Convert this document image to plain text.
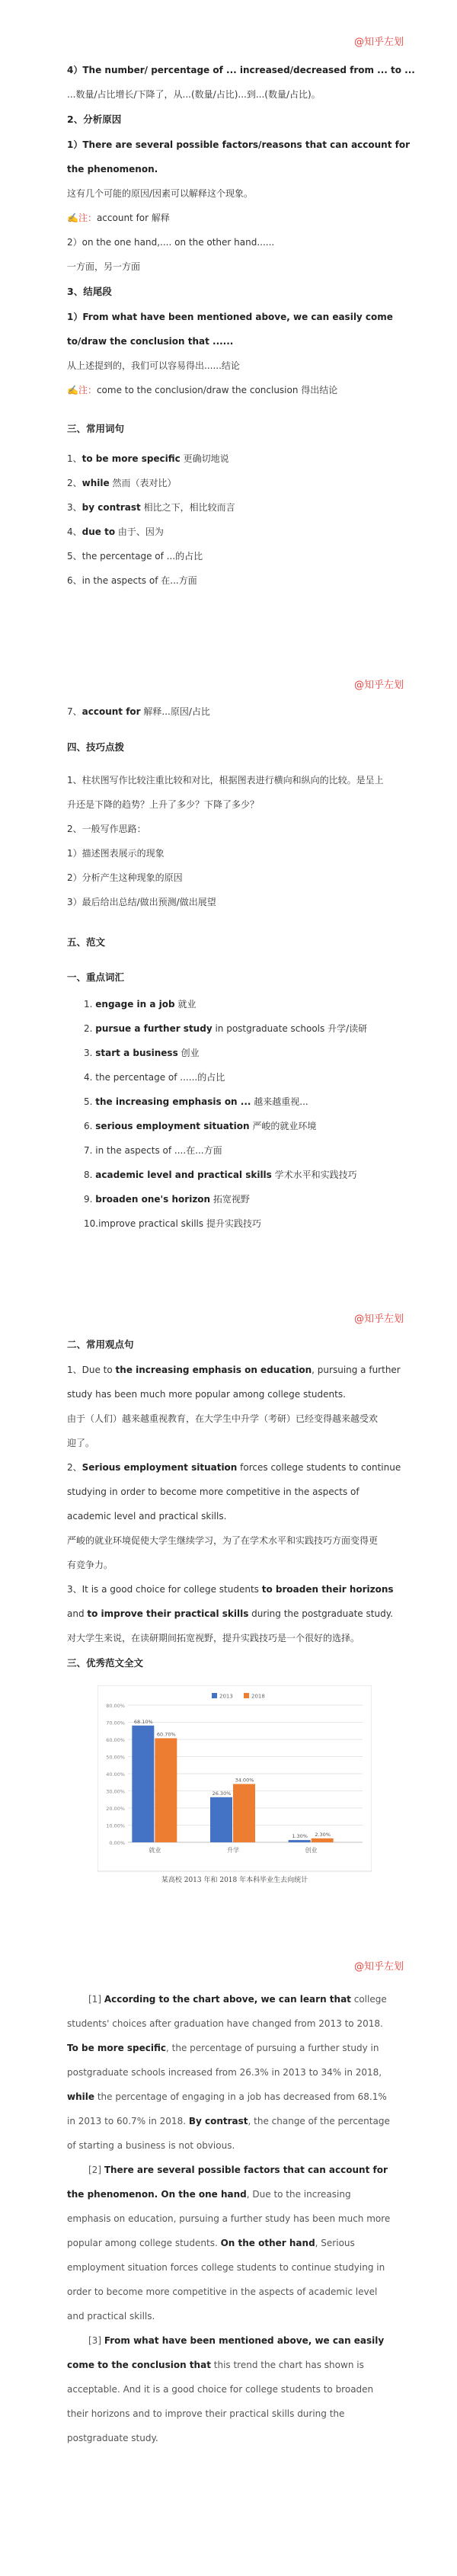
@知乎左划

4）The number/ percentage of ... increased/decreased from ... to ...

...数量/占比增长/下降了，从...(数量/占比)...到...(数量/占比)。

2、分析原因

1）There are several possible factors/reasons that can account for

the phenomenon.

这有几个可能的原因/因素可以解释这个现象。

✍️注：account for 解释

2）on the one hand,.... on the other hand......

一方面，另一方面

3、结尾段

1）From what have been mentioned above, we can easily come

to/draw the conclusion that ......

从上述提到的，我们可以容易得出......结论

✍️注：come to the conclusion/draw the conclusion 得出结论

三、常用词句

1、to be more specific 更确切地说

2、while 然而（表对比）

3、by contrast 相比之下，相比较而言

4、due to 由于、因为

5、the percentage of ...的占比

6、in the aspects of 在...方面

@知乎左划

7、account for 解释...原因/占比

四、技巧点拨

1、柱状图写作比较注重比较和对比，根据图表进行横向和纵向的比较。是呈上

升还是下降的趋势？上升了多少？下降了多少？

2、一般写作思路：

1）描述图表展示的现象

2）分析产生这种现象的原因

3）最后给出总结/做出预测/做出展望

五、范文

一、重点词汇

1. engage in a job 就业

2. pursue a further study in postgraduate schools 升学/读研

3. start a business 创业

4. the percentage of ......的占比

5. the increasing emphasis on ... 越来越重视...

6. serious employment situation 严峻的就业环境

7. in the aspects of ....在...方面

8. academic level and practical skills 学术水平和实践技巧

9. broaden one's horizon 拓宽视野

10.improve practical skills 提升实践技巧

@知乎左划

二、常用观点句

1、Due to the increasing emphasis on education, pursuing a further

study has been much more popular among college students.

由于（人们）越来越重视教育，在大学生中升学（考研）已经变得越来越受欢

迎了。

2、Serious employment situation forces college students to continue

studying in order to become more competitive in the aspects of

academic level and practical skills.

严峻的就业环境促使大学生继续学习，为了在学术水平和实践技巧方面变得更

有竞争力。

3、It is a good choice for college students to broaden their horizons

and to improve their practical skills during the postgraduate study.

对大学生来说，在读研期间拓宽视野，提升实践技巧是一个很好的选择。

三、优秀范文全文

0.00%
10.00%
20.00%
30.00%
40.00%
50.00%
60.00%
70.00%
80.00%
2013	2018
68.10%
60.70%
就业
26.30%
34.00%
升学
1.30% 2.30%
创业
某高校 2013 年和 2018 年本科毕业生去向统计
@知乎左划

[1] According to the chart above, we can learn that college students' choices after graduation have changed from 2013 to 2018. To be more specific, the percentage of pursuing a further study in postgraduate schools increased from 26.3% in 2013 to 34% in 2018, while the percentage of engaging in a job has decreased from 68.1% in 2013 to 60.7% in 2018. By contrast, the change of the percentage of starting a business is not obvious.

[2] There are several possible factors that can account for the phenomenon. On the one hand, Due to the increasing emphasis on education, pursuing a further study has been much more popular among college students. On the other hand, Serious employment situation forces college students to continue studying in order to become more competitive in the aspects of academic level and practical skills.

[3] From what have been mentioned above, we can easily come to the conclusion that this trend the chart has shown is acceptable. And it is a good choice for college students to broaden their horizons and to improve their practical skills during the postgraduate study.
